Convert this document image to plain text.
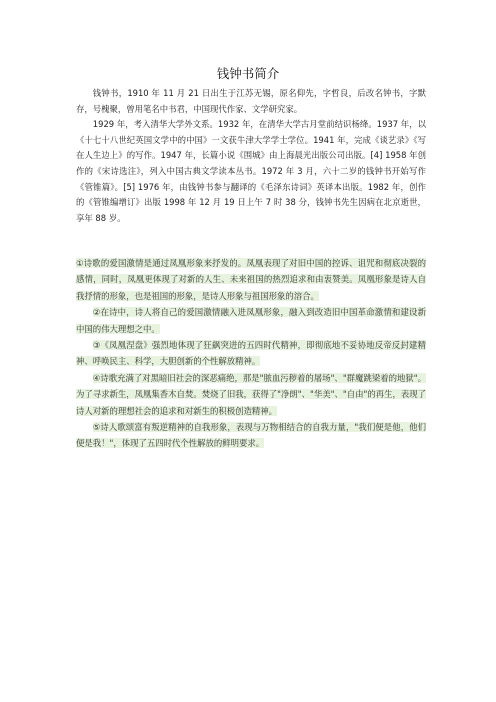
钱钟书简介

钱钟书，1910 年 11 月 21 日出生于江苏无锡，原名仰先，字哲良，后改名钟书，字默存，号槐聚，曾用笔名中书君，中国现代作家、文学研究家。

1929 年，考入清华大学外文系。1932 年，在清华大学古月堂前结识杨绛。1937 年，以《十七十八世纪英国文学中的中国》一文获牛津大学学士学位。1941 年，完成《谈艺录》《写在人生边上》的写作。1947 年，长篇小说《围城》由上海晨光出版公司出版。[4] 1958 年创作的《宋诗选注》，列入中国古典文学读本丛书。1972 年 3 月，六十二岁的钱钟书开始写作《管锥篇》。[5] 1976 年，由钱钟书参与翻译的《毛泽东诗词》英译本出版。1982 年，创作的《管锥编增订》出版 1998 年 12 月 19 日上午 7 时 38 分，钱钟书先生因病在北京逝世，享年 88 岁。

①诗歌的爱国激情是通过凤凰形象来抒发的。凤凰表现了对旧中国的控诉、诅咒和彻底决裂的感情，同时，凤凰更体现了对新的人生、未来祖国的热烈追求和由衷赞美。凤凰形象是诗人自我抒情的形象，也是祖国的形象，是诗人形象与祖国形象的溶合。

②在诗中，诗人将自己的爱国激情融入进凤凰形象，融入到改造旧中国革命激情和建设新中国的伟大理想之中。

③《凤凰涅盘》强烈地体现了狂飙突进的五四时代精神，即彻底地不妥协地反帝反封建精神、呼唤民主、科学，大胆创新的个性解放精神。

④诗歌充满了对黑暗旧社会的深恶痛绝，那是"脓血污秽着的屠场"、"群魔跳梁着的地狱"。为了寻求新生，凤凰集香木自焚。焚烧了旧我，获得了"净朗"、"华美"、"自由"的再生，表现了诗人对新的理想社会的追求和对新生的积极创造精神。

⑤诗人歌颂富有叛逆精神的自我形象，表现与万物相结合的自我力量，"我们便是他，他们便是我！"，体现了五四时代个性解放的鲜明要求。
